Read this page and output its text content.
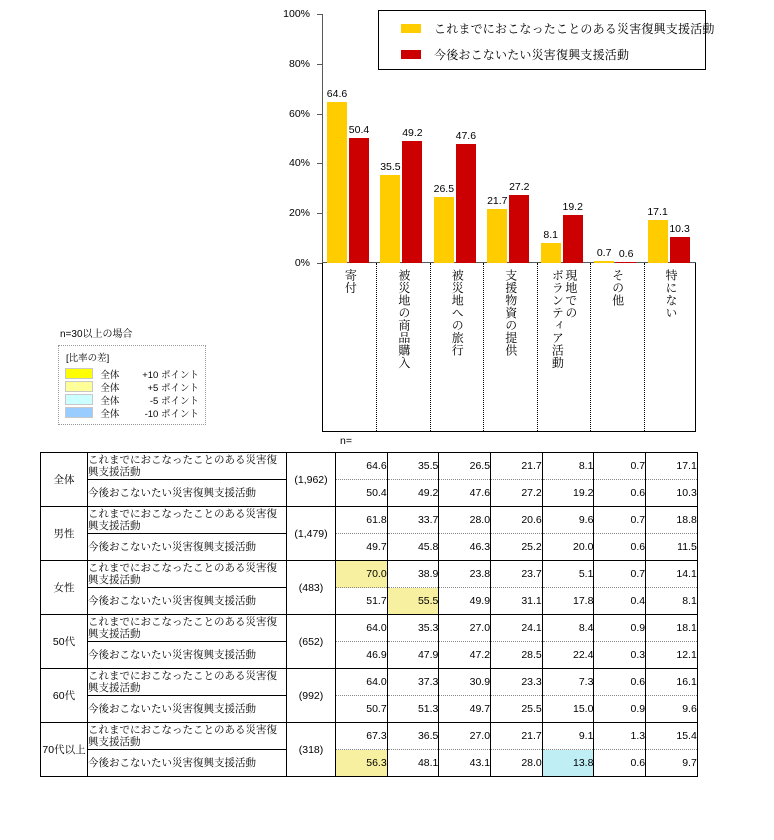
これまでにおこなったことのある災害復興支援活動
今後おこないたい災害復興支援活動
0%
20%
40%
60%
80%
100%
64.6
50.4
35.5
49.2
26.5
47.6
21.7
27.2
8.1
19.2
0.7 0.6
17.1
10.3
寄付	被災地の商品購入	被災地への旅行	支援物資の提供	現地での
ボランティア活動	その他	特にない
n=30以上の場合
[比率の差]
全体 +10 ポイント
全体	+5 ポイント
全体	-5 ポイント
全体	-10 ポイント
n=
全体	これまでにおこなったことのある災害復興支援活動	(1,962)	64.6	35.5	26.5	21.7	8.1	0.7	17.1
	今後おこないたい災害復興支援活動		50.4	49.2	47.6	27.2	19.2	0.6	10.3
男性	これまでにおこなったことのある災害復興支援活動	(1,479)	61.8	33.7	28.0	20.6	9.6	0.7	18.8
	今後おこないたい災害復興支援活動		49.7	45.8	46.3	25.2	20.0	0.6	11.5
女性	これまでにおこなったことのある災害復興支援活動	(483)	70.0	38.9	23.8	23.7	5.1	0.7	14.1
	今後おこないたい災害復興支援活動		51.7	55.5	49.9	31.1	17.8	0.4	8.1
50代	これまでにおこなったことのある災害復興支援活動	(652)	64.0	35.3	27.0	24.1	8.4	0.9	18.1
	今後おこないたい災害復興支援活動		46.9	47.9	47.2	28.5	22.4	0.3	12.1
60代	これまでにおこなったことのある災害復興支援活動	(992)	64.0	37.3	30.9	23.3	7.3	0.6	16.1
	今後おこないたい災害復興支援活動		50.7	51.3	49.7	25.5	15.0	0.9	9.6
70代以上	これまでにおこなったことのある災害復興支援活動	(318)	67.3	36.5	27.0	21.7	9.1	1.3	15.4
	今後おこないたい災害復興支援活動		56.3	48.1	43.1	28.0	13.8	0.6	9.7
